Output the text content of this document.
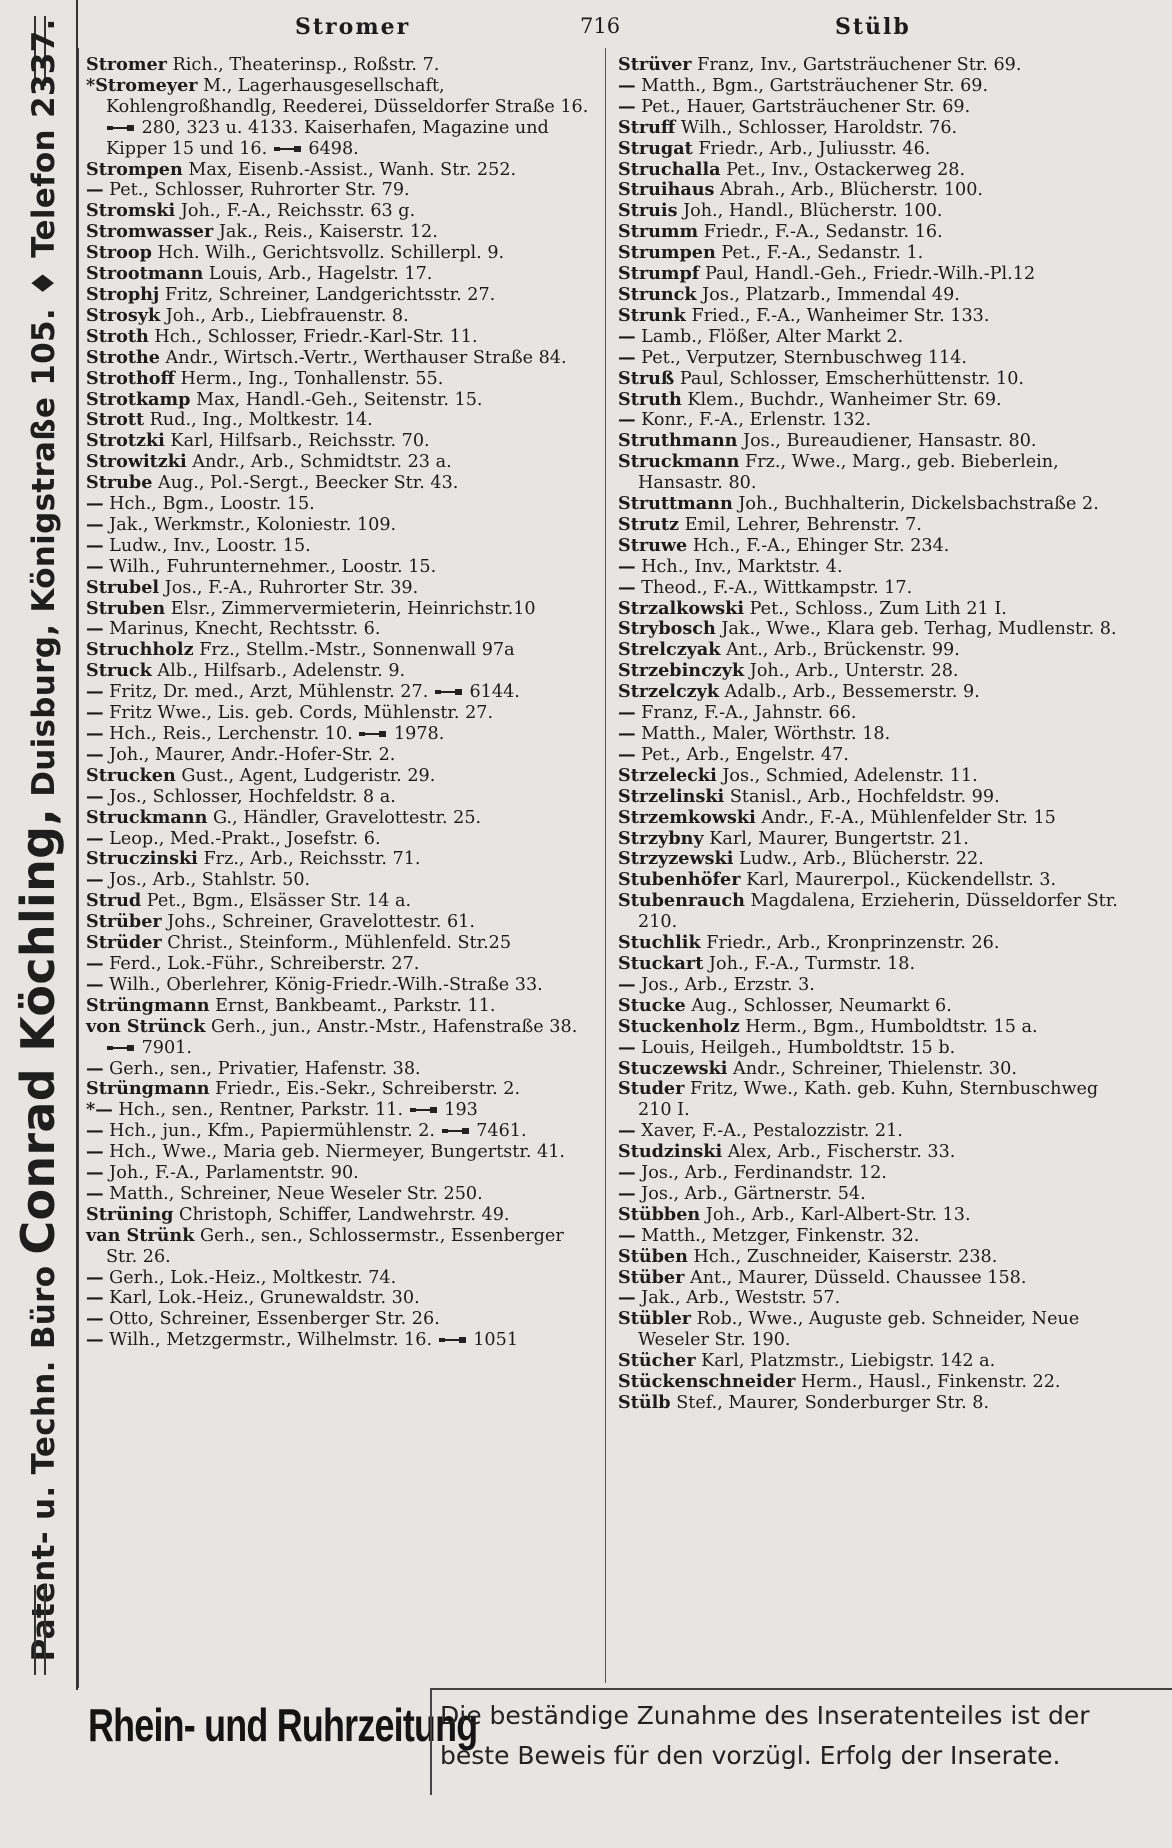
Patent- u. Techn. Büro Conrad Köchling, Duisburg, Königstraße 105. ♦ Telefon 2337.	Stromer	716	Stülb
Stromer Rich., Theaterinsp., Roßstr. 7.
*Stromeyer M., Lagerhausgesellschaft, Kohlengroßhandlg, Reederei, Düsseldorfer Straße 16.  280, 323 u. 4133. Kaiserhafen, Magazine und Kipper 15 und 16.  6498.
Strompen Max, Eisenb.-Assist., Wanh. Str. 252.
— Pet., Schlosser, Ruhrorter Str. 79.
Stromski Joh., F.-A., Reichsstr. 63 g.
Stromwasser Jak., Reis., Kaiserstr. 12.
Stroop Hch. Wilh., Gerichtsvollz. Schillerpl. 9.
Strootmann Louis, Arb., Hagelstr. 17.
Strophj Fritz, Schreiner, Landgerichtsstr. 27.
Strosyk Joh., Arb., Liebfrauenstr. 8.
Stroth Hch., Schlosser, Friedr.-Karl-Str. 11.
Strothe Andr., Wirtsch.-Vertr., Werthauser Straße 84.
Strothoff Herm., Ing., Tonhallenstr. 55.
Strotkamp Max, Handl.-Geh., Seitenstr. 15.
Strott Rud., Ing., Moltkestr. 14.
Strotzki Karl, Hilfsarb., Reichsstr. 70.
Strowitzki Andr., Arb., Schmidtstr. 23 a.
Strube Aug., Pol.-Sergt., Beecker Str. 43.
— Hch., Bgm., Loostr. 15.
— Jak., Werkmstr., Koloniestr. 109.
— Ludw., Inv., Loostr. 15.
— Wilh., Fuhrunternehmer., Loostr. 15.
Strubel Jos., F.-A., Ruhrorter Str. 39.
Struben Elsr., Zimmervermieterin, Heinrichstr.10
— Marinus, Knecht, Rechtsstr. 6.
Struchholz Frz., Stellm.-Mstr., Sonnenwall 97a
Struck Alb., Hilfsarb., Adelenstr. 9.
— Fritz, Dr. med., Arzt, Mühlenstr. 27.  6144.
— Fritz Wwe., Lis. geb. Cords, Mühlenstr. 27.
— Hch., Reis., Lerchenstr. 10.  1978.
— Joh., Maurer, Andr.-Hofer-Str. 2.
Strucken Gust., Agent, Ludgeristr. 29.
— Jos., Schlosser, Hochfeldstr. 8 a.
Struckmann G., Händler, Gravelottestr. 25.
— Leop., Med.-Prakt., Josefstr. 6.
Struczinski Frz., Arb., Reichsstr. 71.
— Jos., Arb., Stahlstr. 50.
Strud Pet., Bgm., Elsässer Str. 14 a.
Strüber Johs., Schreiner, Gravelottestr. 61.
Strüder Christ., Steinform., Mühlenfeld. Str.25
— Ferd., Lok.-Führ., Schreiberstr. 27.
— Wilh., Oberlehrer, König-Friedr.-Wilh.-Straße 33.
Strüngmann Ernst, Bankbeamt., Parkstr. 11.
von Strünck Gerh., jun., Anstr.-Mstr., Hafenstraße 38.  7901.
— Gerh., sen., Privatier, Hafenstr. 38.
Strüngmann Friedr., Eis.-Sekr., Schreiberstr. 2.
*— Hch., sen., Rentner, Parkstr. 11.  193
— Hch., jun., Kfm., Papiermühlenstr. 2.  7461.
— Hch., Wwe., Maria geb. Niermeyer, Bungertstr. 41.
— Joh., F.-A., Parlamentstr. 90.
— Matth., Schreiner, Neue Weseler Str. 250.
Strüning Christoph, Schiffer, Landwehrstr. 49.
van Strünk Gerh., sen., Schlossermstr., Essenberger Str. 26.
— Gerh., Lok.-Heiz., Moltkestr. 74.
— Karl, Lok.-Heiz., Grunewaldstr. 30.
— Otto, Schreiner, Essenberger Str. 26.
— Wilh., Metzgermstr., Wilhelmstr. 16.  1051
Strüver Franz, Inv., Gartsträuchener Str. 69.
— Matth., Bgm., Gartsträuchener Str. 69.
— Pet., Hauer, Gartsträuchener Str. 69.
Struff Wilh., Schlosser, Haroldstr. 76.
Strugat Friedr., Arb., Juliusstr. 46.
Struchalla Pet., Inv., Ostackerweg 28.
Struihaus Abrah., Arb., Blücherstr. 100.
Struis Joh., Handl., Blücherstr. 100.
Strumm Friedr., F.-A., Sedanstr. 16.
Strumpen Pet., F.-A., Sedanstr. 1.
Strumpf Paul, Handl.-Geh., Friedr.-Wilh.-Pl.12
Strunck Jos., Platzarb., Immendal 49.
Strunk Fried., F.-A., Wanheimer Str. 133.
— Lamb., Flößer, Alter Markt 2.
— Pet., Verputzer, Sternbuschweg 114.
Struß Paul, Schlosser, Emscherhüttenstr. 10.
Struth Klem., Buchdr., Wanheimer Str. 69.
— Konr., F.-A., Erlenstr. 132.
Struthmann Jos., Bureaudiener, Hansastr. 80.
Struckmann Frz., Wwe., Marg., geb. Bieberlein, Hansastr. 80.
Struttmann Joh., Buchhalterin, Dickelsbachstraße 2.
Strutz Emil, Lehrer, Behrenstr. 7.
Struwe Hch., F.-A., Ehinger Str. 234.
— Hch., Inv., Marktstr. 4.
— Theod., F.-A., Wittkampstr. 17.
Strzalkowski Pet., Schloss., Zum Lith 21 I.
Strybosch Jak., Wwe., Klara geb. Terhag, Mudlenstr. 8.
Strelczyak Ant., Arb., Brückenstr. 99.
Strzebinczyk Joh., Arb., Unterstr. 28.
Strzelczyk Adalb., Arb., Bessemerstr. 9.
— Franz, F.-A., Jahnstr. 66.
— Matth., Maler, Wörthstr. 18.
— Pet., Arb., Engelstr. 47.
Strzelecki Jos., Schmied, Adelenstr. 11.
Strzelinski Stanisl., Arb., Hochfeldstr. 99.
Strzemkowski Andr., F.-A., Mühlenfelder Str. 15
Strzybny Karl, Maurer, Bungertstr. 21.
Strzyzewski Ludw., Arb., Blücherstr. 22.
Stubenhöfer Karl, Maurerpol., Kückendellstr. 3.
Stubenrauch Magdalena, Erzieherin, Düsseldorfer Str. 210.
Stuchlik Friedr., Arb., Kronprinzenstr. 26.
Stuckart Joh., F.-A., Turmstr. 18.
— Jos., Arb., Erzstr. 3.
Stucke Aug., Schlosser, Neumarkt 6.
Stuckenholz Herm., Bgm., Humboldtstr. 15 a.
— Louis, Heilgeh., Humboldtstr. 15 b.
Stuczewski Andr., Schreiner, Thielenstr. 30.
Studer Fritz, Wwe., Kath. geb. Kuhn, Sternbuschweg 210 I.
— Xaver, F.-A., Pestalozzistr. 21.
Studzinski Alex, Arb., Fischerstr. 33.
— Jos., Arb., Ferdinandstr. 12.
— Jos., Arb., Gärtnerstr. 54.
Stübben Joh., Arb., Karl-Albert-Str. 13.
— Matth., Metzger, Finkenstr. 32.
Stüben Hch., Zuschneider, Kaiserstr. 238.
Stüber Ant., Maurer, Düsseld. Chaussee 158.
— Jak., Arb., Weststr. 57.
Stübler Rob., Wwe., Auguste geb. Schneider, Neue Weseler Str. 190.
Stücher Karl, Platzmstr., Liebigstr. 142 a.
Stückenschneider Herm., Hausl., Finkenstr. 22.
Stülb Stef., Maurer, Sonderburger Str. 8.
Rhein- und Ruhrzeitung
Die beständige Zunahme des Inseratenteiles ist der
beste Beweis für den vorzügl. Erfolg der Inserate.
